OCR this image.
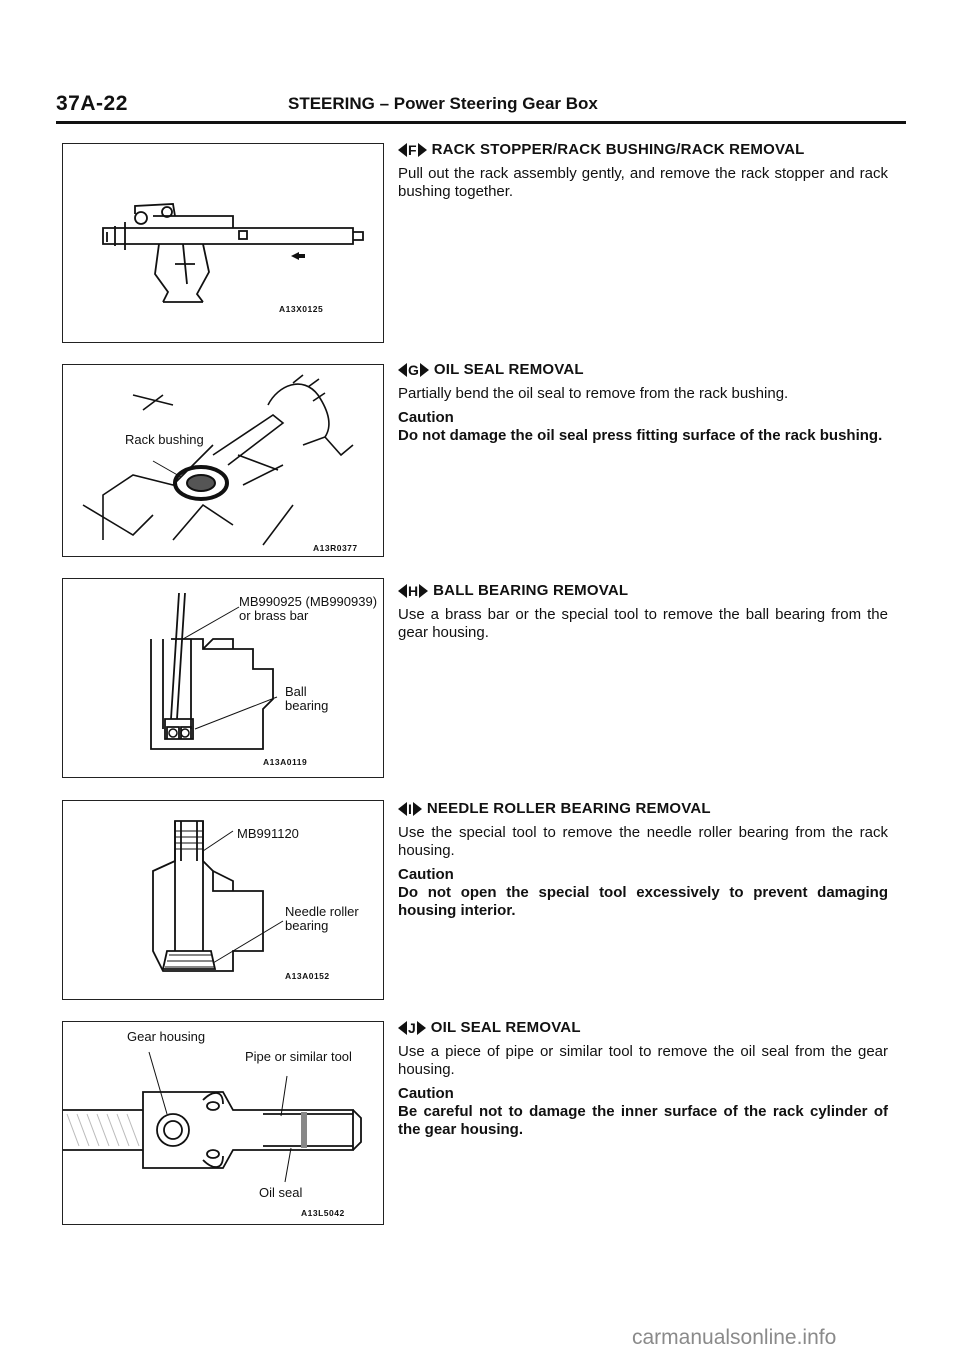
37A-22	STEERING – Power Steering Gear Box
A13X0125
Rack bushing
A13R0377
MB990925 (MB990939)
or brass bar
Ball
bearing
A13A0119
MB991120
Needle roller
bearing
A13A0152
Gear housing
Pipe or similar tool
Oil seal
A13L5042
F RACK STOPPER/RACK BUSHING/RACK REMOVAL
Pull out the rack assembly gently, and remove the rack stopper and rack bushing together.
G OIL SEAL REMOVAL
Partially bend the oil seal to remove from the rack bushing.
Caution
Do not damage the oil seal press fitting surface of the rack bushing.
H BALL BEARING REMOVAL
Use a brass bar or the special tool to remove the ball bearing from the gear housing.
I NEEDLE ROLLER BEARING REMOVAL
Use the special tool to remove the needle roller bearing from the rack housing.
Caution
Do not open the special tool excessively to prevent damaging housing interior.
J OIL SEAL REMOVAL
Use a piece of pipe or similar tool to remove the oil seal from the gear housing.
Caution
Be careful not to damage the inner surface of the rack cylinder of the gear housing.
carmanualsonline.info
